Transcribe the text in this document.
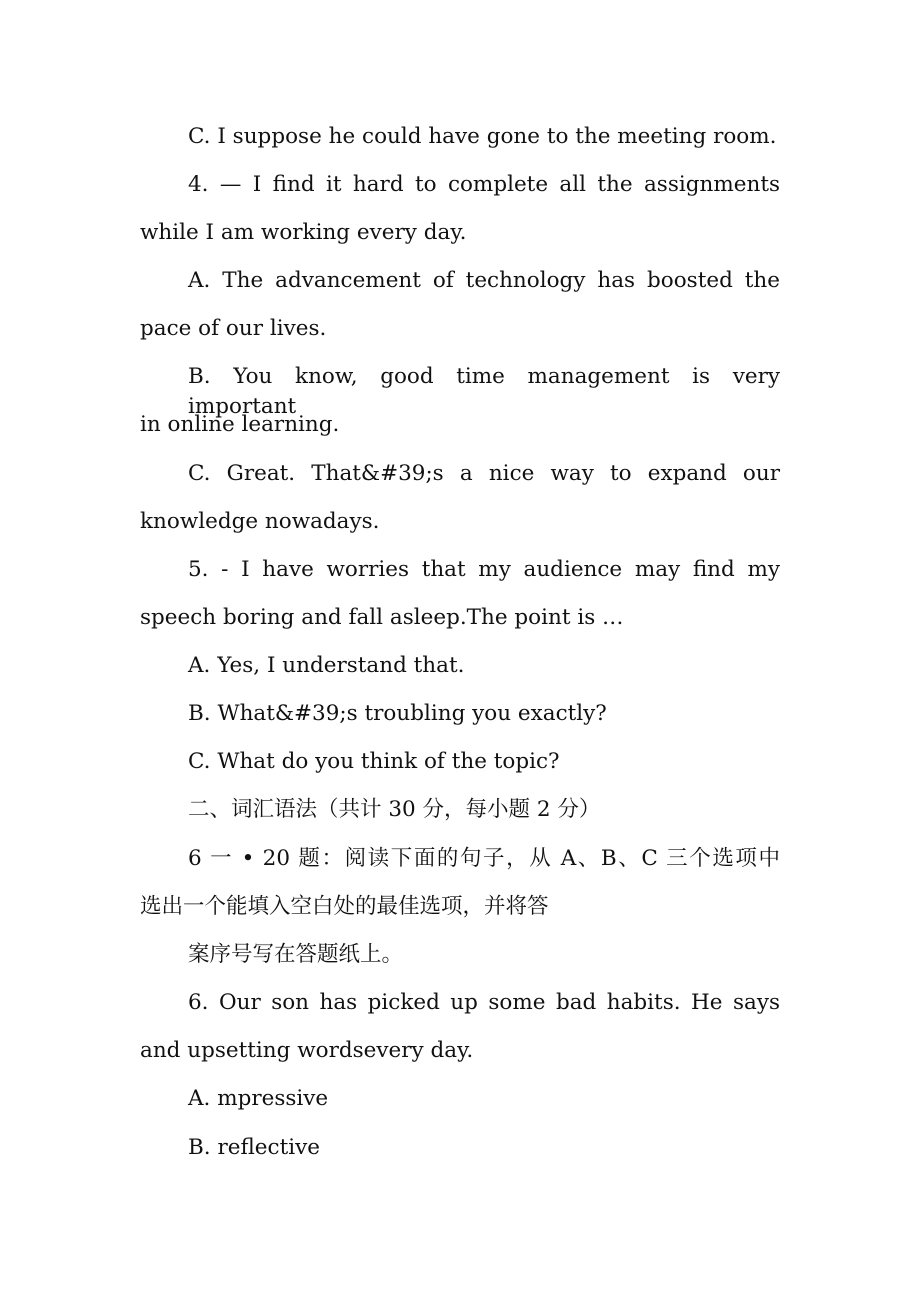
C. I suppose he could have gone to the meeting room.
4. — I find it hard to complete all the assignments
while I am working every day.
A. The advancement of technology has boosted the
pace of our lives.
B. You know, good time management is very important
in online learning.
C. Great. That&#39;s a nice way to expand our
knowledge nowadays.
5. - I have worries that my audience may find my
speech boring and fall asleep.The point is …
A. Yes, I understand that.
B. What&#39;s troubling you exactly?
C. What do you think of the topic?
二、词汇语法（共计 30 分，每小题 2 分）
6 一 • 20 题：阅读下面的句子，从 A、B、C 三个选项中
选出一个能填入空白处的最佳选项，并将答
案序号写在答题纸上。
6. Our son has picked up some bad habits. He says
and upsetting wordsevery day.
A. mpressive
B. reflective
